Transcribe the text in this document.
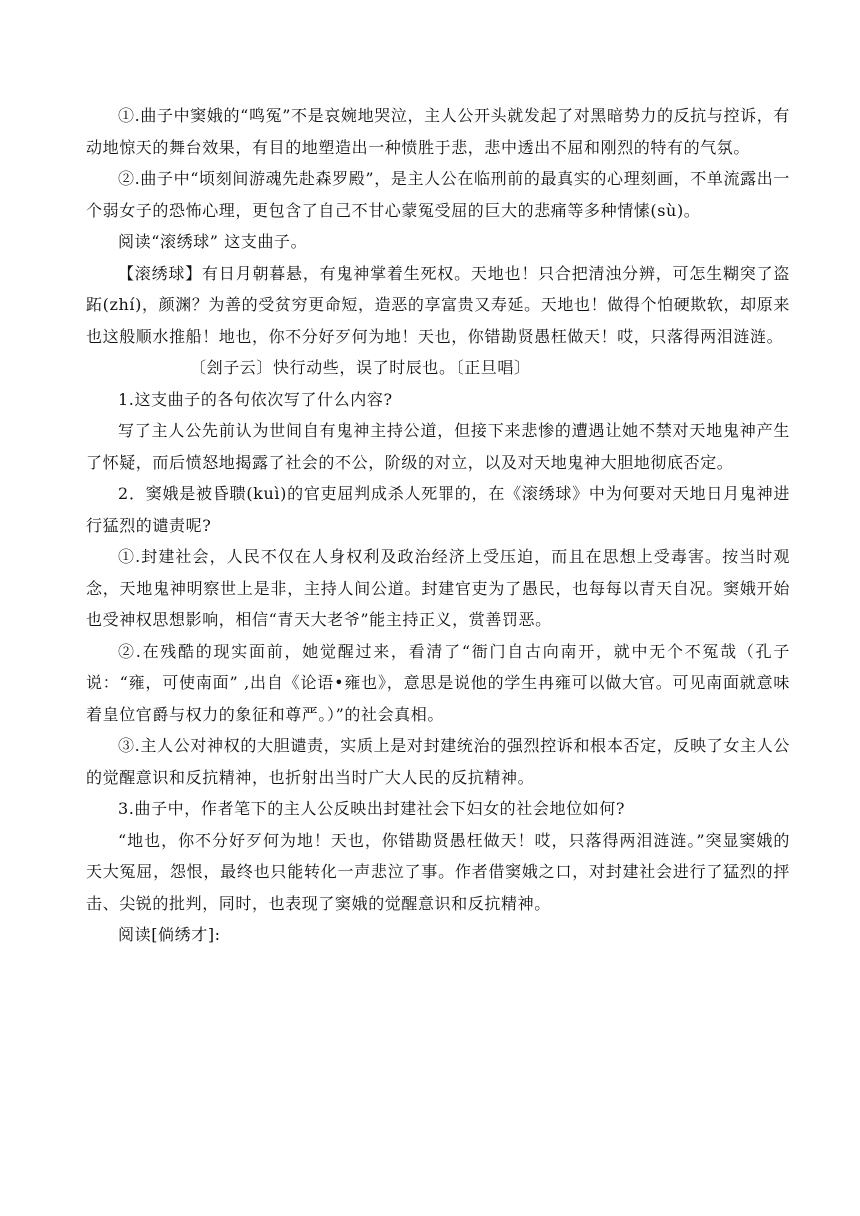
①.曲子中窦娥的“鸣冤”不是哀婉地哭泣，主人公开头就发起了对黑暗势力的反抗与控诉，有动地惊天的舞台效果，有目的地塑造出一种愤胜于悲，悲中透出不屈和刚烈的特有的气氛。

②.曲子中“顷刻间游魂先赴森罗殿”，是主人公在临刑前的最真实的心理刻画，不单流露出一个弱女子的恐怖心理，更包含了自己不甘心蒙冤受屈的巨大的悲痛等多种情愫(sù)。

阅读“滚绣球” 这支曲子。

【滚绣球】有日月朝暮悬，有鬼神掌着生死权。天地也！只合把清浊分辨，可怎生糊突了盗跖(zhí)，颜渊？为善的受贫穷更命短，造恶的享富贵又寿延。天地也！做得个怕硬欺软，却原来也这般顺水推船！地也，你不分好歹何为地！天也，你错勘贤愚枉做天！哎，只落得两泪涟涟。

〔刽子云〕快行动些，误了时辰也。〔正旦唱〕

1.这支曲子的各句依次写了什么内容?

写了主人公先前认为世间自有鬼神主持公道，但接下来悲惨的遭遇让她不禁对天地鬼神产生了怀疑，而后愤怒地揭露了社会的不公，阶级的对立，以及对天地鬼神大胆地彻底否定。

2．窦娥是被昏聩(kuì)的官吏屈判成杀人死罪的，在《滚绣球》中为何要对天地日月鬼神进行猛烈的谴责呢?

①.封建社会，人民不仅在人身权利及政治经济上受压迫，而且在思想上受毒害。按当时观念，天地鬼神明察世上是非，主持人间公道。封建官吏为了愚民，也每每以青天自况。窦娥开始也受神权思想影响，相信“青天大老爷”能主持正义，赏善罚恶。

②.在残酷的现实面前，她觉醒过来，看清了“衙门自古向南开，就中无个不冤哉（孔子说：“雍，可使南面” ,出自《论语•雍也》，意思是说他的学生冉雍可以做大官。可见南面就意味着皇位官爵与权力的象征和尊严。）”的社会真相。

③.主人公对神权的大胆谴责，实质上是对封建统治的强烈控诉和根本否定，反映了女主人公的觉醒意识和反抗精神，也折射出当时广大人民的反抗精神。

3.曲子中，作者笔下的主人公反映出封建社会下妇女的社会地位如何?

“地也，你不分好歹何为地！天也，你错勘贤愚枉做天！哎，只落得两泪涟涟。”突显窦娥的天大冤屈，怨恨，最终也只能转化一声悲泣了事。作者借窦娥之口，对封建社会进行了猛烈的抨击、尖锐的批判，同时，也表现了窦娥的觉醒意识和反抗精神。

阅读[倘绣才]:
